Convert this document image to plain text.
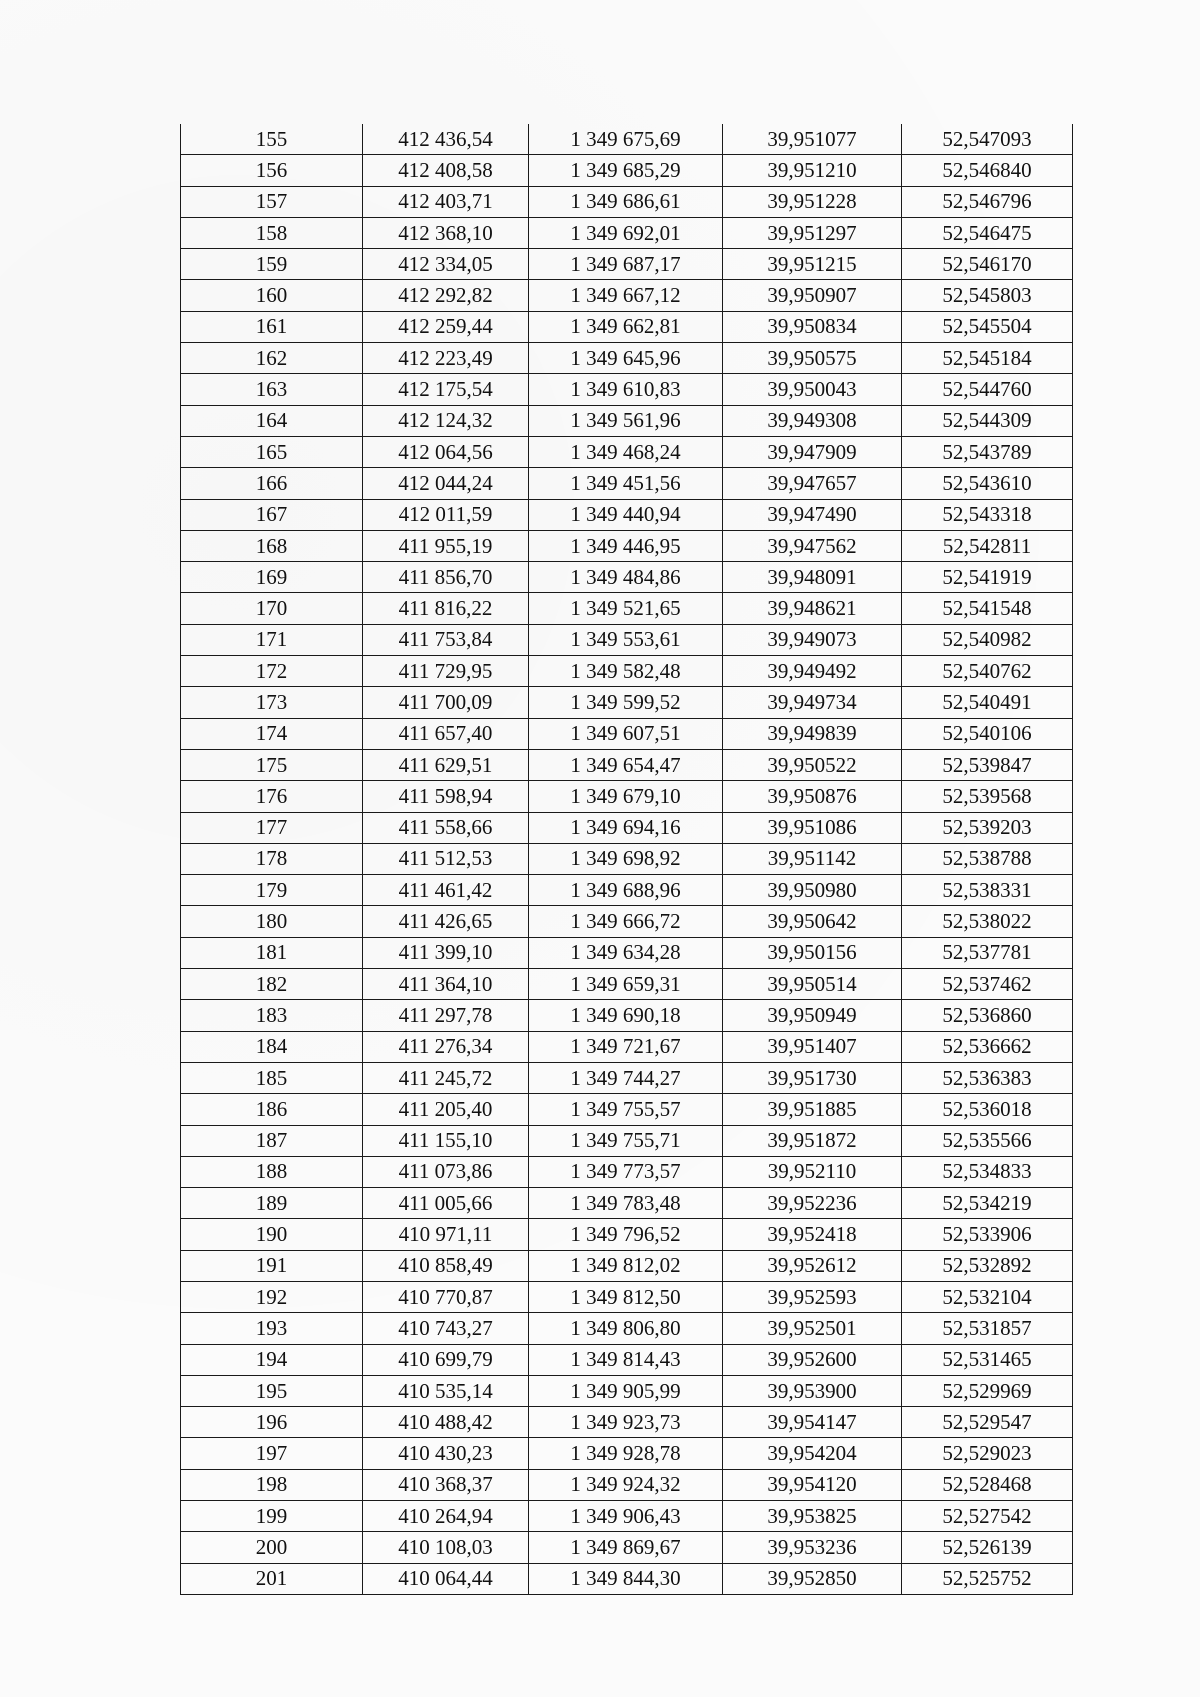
155	412 436,54	1 349 675,69	39,951077	52,547093
156	412 408,58	1 349 685,29	39,951210	52,546840
157	412 403,71	1 349 686,61	39,951228	52,546796
158	412 368,10	1 349 692,01	39,951297	52,546475
159	412 334,05	1 349 687,17	39,951215	52,546170
160	412 292,82	1 349 667,12	39,950907	52,545803
161	412 259,44	1 349 662,81	39,950834	52,545504
162	412 223,49	1 349 645,96	39,950575	52,545184
163	412 175,54	1 349 610,83	39,950043	52,544760
164	412 124,32	1 349 561,96	39,949308	52,544309
165	412 064,56	1 349 468,24	39,947909	52,543789
166	412 044,24	1 349 451,56	39,947657	52,543610
167	412 011,59	1 349 440,94	39,947490	52,543318
168	411 955,19	1 349 446,95	39,947562	52,542811
169	411 856,70	1 349 484,86	39,948091	52,541919
170	411 816,22	1 349 521,65	39,948621	52,541548
171	411 753,84	1 349 553,61	39,949073	52,540982
172	411 729,95	1 349 582,48	39,949492	52,540762
173	411 700,09	1 349 599,52	39,949734	52,540491
174	411 657,40	1 349 607,51	39,949839	52,540106
175	411 629,51	1 349 654,47	39,950522	52,539847
176	411 598,94	1 349 679,10	39,950876	52,539568
177	411 558,66	1 349 694,16	39,951086	52,539203
178	411 512,53	1 349 698,92	39,951142	52,538788
179	411 461,42	1 349 688,96	39,950980	52,538331
180	411 426,65	1 349 666,72	39,950642	52,538022
181	411 399,10	1 349 634,28	39,950156	52,537781
182	411 364,10	1 349 659,31	39,950514	52,537462
183	411 297,78	1 349 690,18	39,950949	52,536860
184	411 276,34	1 349 721,67	39,951407	52,536662
185	411 245,72	1 349 744,27	39,951730	52,536383
186	411 205,40	1 349 755,57	39,951885	52,536018
187	411 155,10	1 349 755,71	39,951872	52,535566
188	411 073,86	1 349 773,57	39,952110	52,534833
189	411 005,66	1 349 783,48	39,952236	52,534219
190	410 971,11	1 349 796,52	39,952418	52,533906
191	410 858,49	1 349 812,02	39,952612	52,532892
192	410 770,87	1 349 812,50	39,952593	52,532104
193	410 743,27	1 349 806,80	39,952501	52,531857
194	410 699,79	1 349 814,43	39,952600	52,531465
195	410 535,14	1 349 905,99	39,953900	52,529969
196	410 488,42	1 349 923,73	39,954147	52,529547
197	410 430,23	1 349 928,78	39,954204	52,529023
198	410 368,37	1 349 924,32	39,954120	52,528468
199	410 264,94	1 349 906,43	39,953825	52,527542
200	410 108,03	1 349 869,67	39,953236	52,526139
201	410 064,44	1 349 844,30	39,952850	52,525752
